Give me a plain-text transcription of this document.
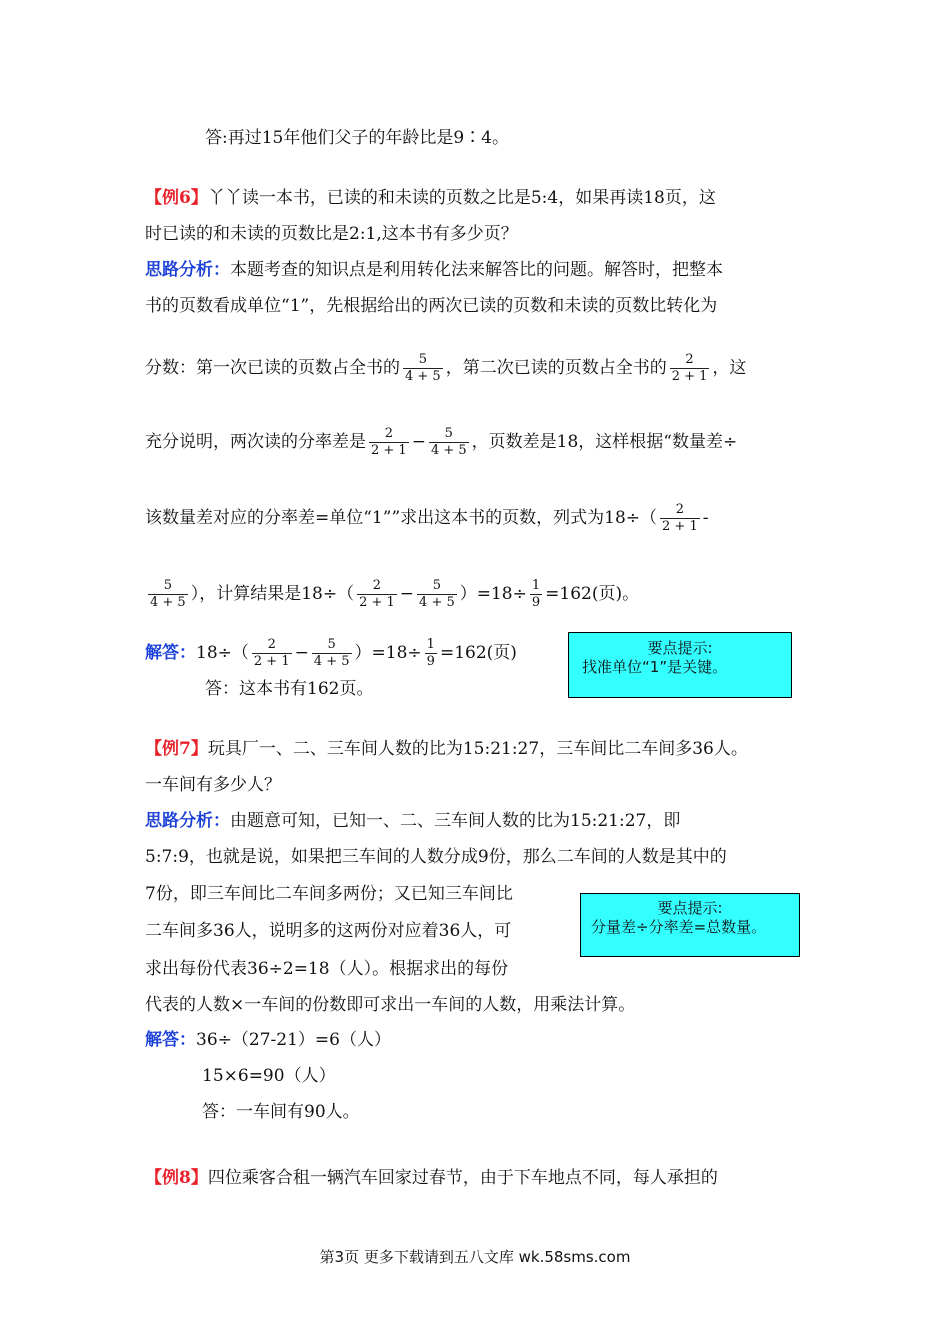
答:再过15年他们父子的年龄比是9∶4。
【例6】丫丫读一本书，已读的和未读的页数之比是5:4，如果再读18页，这
时已读的和未读的页数比是2:1,这本书有多少页？
思路分析：本题考查的知识点是利用转化法来解答比的问题。解答时，把整本
书的页数看成单位“1”，先根据给出的两次已读的页数和未读的页数比转化为
分数：第一次已读的页数占全书的 $\frac{5}{4 + 5}$ ，第二次已读的页数占全书的 $\frac{2}{2 + 1}$ ，这
充分说明，两次读的分率差是 $\frac{2}{2 + 1} - \frac{5}{4 + 5}$ ，页数差是18，这样根据“数量差÷
该数量差对应的分率差=单位“1””求出这本书的页数，列式为$18\div( \frac{2}{2 + 1}$ -
$\frac{5}{4 + 5}$ ），计算结果是$18\div( \frac{2}{2 + 1} - \frac{5}{4 + 5} )=18\div \frac{1}{9} =162$(页)。
解答：$18\div( \frac{2}{2 + 1} - \frac{5}{4 + 5} )=18\div \frac{1}{9} =162$(页)
答：这本书有162页。
要点提示:
找准单位“1”是关键。
【例7】玩具厂一、二、三车间人数的比为15:21:27，三车间比二车间多36人。
一车间有多少人？
思路分析：由题意可知，已知一、二、三车间人数的比为15:21:27，即
5:7:9，也就是说，如果把三车间的人数分成9份，那么二车间的人数是其中的
7份，即三车间比二车间多两份；又已知三车间比
二车间多36人，说明多的这两份对应着36人，可
求出每份代表36÷2=18（人）。根据求出的每份
代表的人数×一车间的份数即可求出一车间的人数，用乘法计算。
要点提示:
分量差÷分率差=总数量。
解答：36÷（27-21）=6（人）
15×6=90（人）
答：一车间有90人。
【例8】四位乘客合租一辆汽车回家过春节，由于下车地点不同，每人承担的
第3页 更多下载请到五八文库 wk.58sms.com
